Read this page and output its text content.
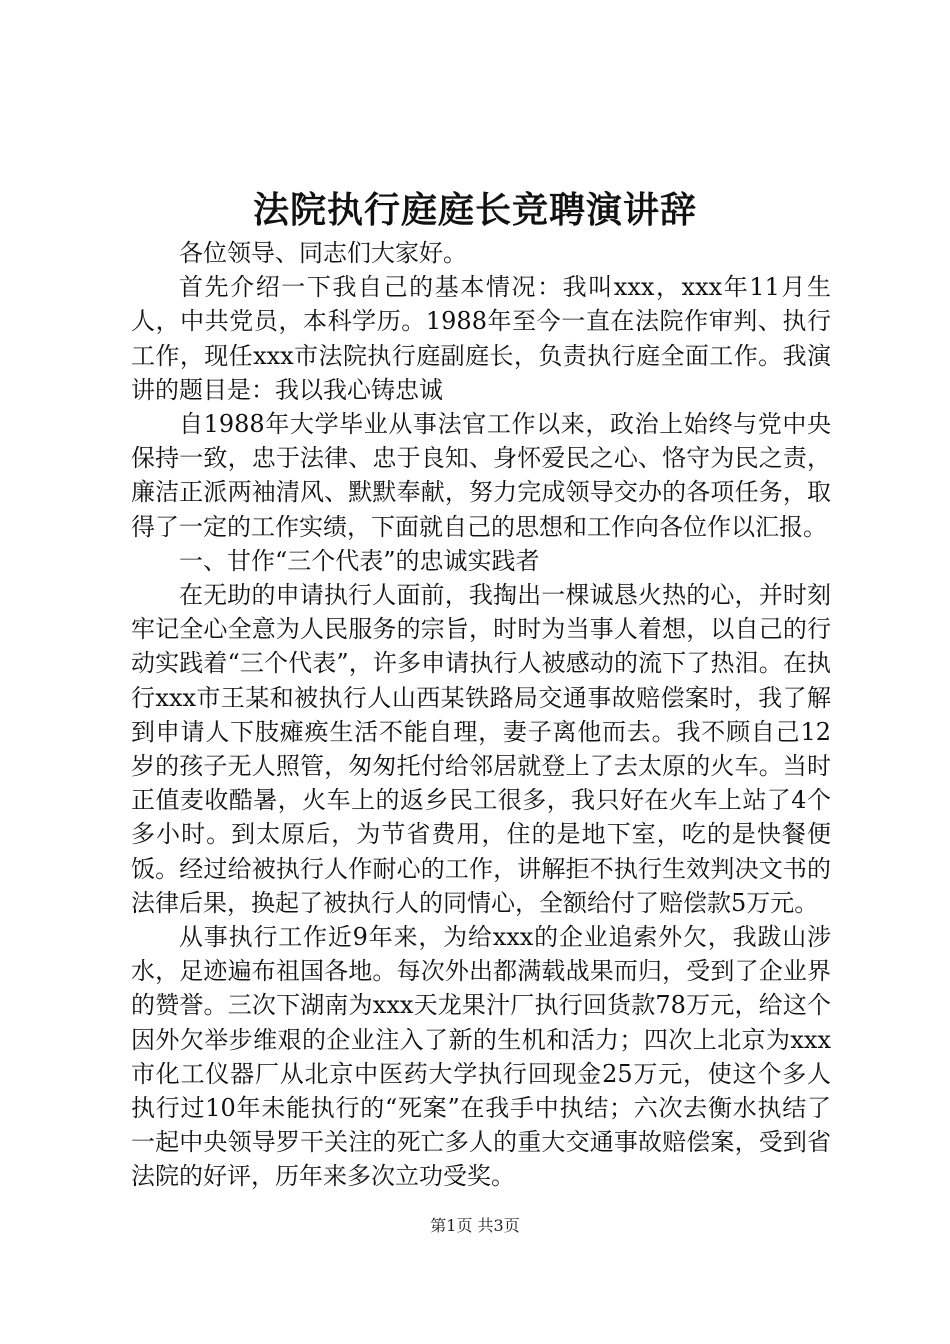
法院执行庭庭长竞聘演讲辞

各位领导、同志们大家好。

首先介绍一下我自己的基本情况：我叫xxx，xxx年11月生人，中共党员，本科学历。1988年至今一直在法院作审判、执行工作，现任xxx市法院执行庭副庭长，负责执行庭全面工作。我演讲的题目是：我以我心铸忠诚

自1988年大学毕业从事法官工作以来，政治上始终与党中央保持一致，忠于法律、忠于良知、身怀爱民之心、恪守为民之责，廉洁正派两袖清风、默默奉献，努力完成领导交办的各项任务，取得了一定的工作实绩，下面就自己的思想和工作向各位作以汇报。

一、甘作“三个代表”的忠诚实践者

在无助的申请执行人面前，我掏出一棵诚恳火热的心，并时刻牢记全心全意为人民服务的宗旨，时时为当事人着想，以自己的行动实践着“三个代表”，许多申请执行人被感动的流下了热泪。在执行xxx市王某和被执行人山西某铁路局交通事故赔偿案时，我了解到申请人下肢瘫痪生活不能自理，妻子离他而去。我不顾自己12岁的孩子无人照管，匆匆托付给邻居就登上了去太原的火车。当时正值麦收酷暑，火车上的返乡民工很多，我只好在火车上站了4个多小时。到太原后，为节省费用，住的是地下室，吃的是快餐便饭。经过给被执行人作耐心的工作，讲解拒不执行生效判决文书的法律后果，换起了被执行人的同情心，全额给付了赔偿款5万元。

从事执行工作近9年来，为给xxx的企业追索外欠，我跋山涉水，足迹遍布祖国各地。每次外出都满载战果而归，受到了企业界的赞誉。三次下湖南为xxx天龙果汁厂执行回货款78万元，给这个因外欠举步维艰的企业注入了新的生机和活力；四次上北京为xxx市化工仪器厂从北京中医药大学执行回现金25万元，使这个多人执行过10年未能执行的“死案”在我手中执结；六次去衡水执结了一起中央领导罗干关注的死亡多人的重大交通事故赔偿案，受到省法院的好评，历年来多次立功受奖。

第1页 共3页
